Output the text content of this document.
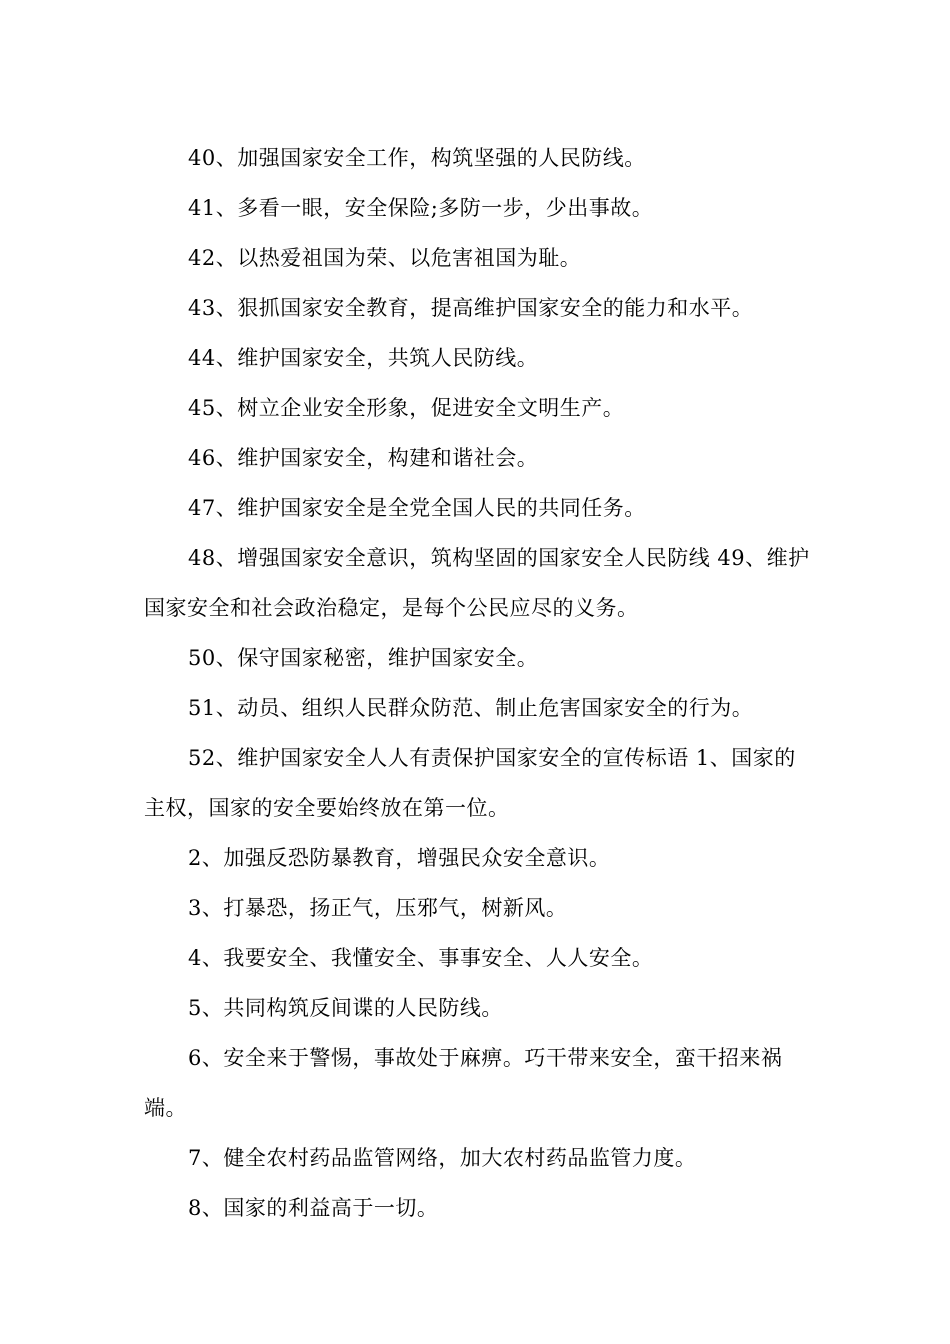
40、加强国家安全工作，构筑坚强的人民防线。

41、多看一眼，安全保险;多防一步，少出事故。

42、以热爱祖国为荣、以危害祖国为耻。

43、狠抓国家安全教育，提高维护国家安全的能力和水平。

44、维护国家安全，共筑人民防线。

45、树立企业安全形象，促进安全文明生产。

46、维护国家安全，构建和谐社会。

47、维护国家安全是全党全国人民的共同任务。

48、增强国家安全意识，筑构坚固的国家安全人民防线 49、维护国家安全和社会政治稳定，是每个公民应尽的义务。

50、保守国家秘密，维护国家安全。

51、动员、组织人民群众防范、制止危害国家安全的行为。

52、维护国家安全人人有责保护国家安全的宣传标语 1、国家的主权，国家的安全要始终放在第一位。

2、加强反恐防暴教育，增强民众安全意识。

3、打暴恐，扬正气，压邪气，树新风。

4、我要安全、我懂安全、事事安全、人人安全。

5、共同构筑反间谍的人民防线。

6、安全来于警惕，事故处于麻痹。巧干带来安全，蛮干招来祸端。

7、健全农村药品监管网络，加大农村药品监管力度。

8、国家的利益高于一切。
